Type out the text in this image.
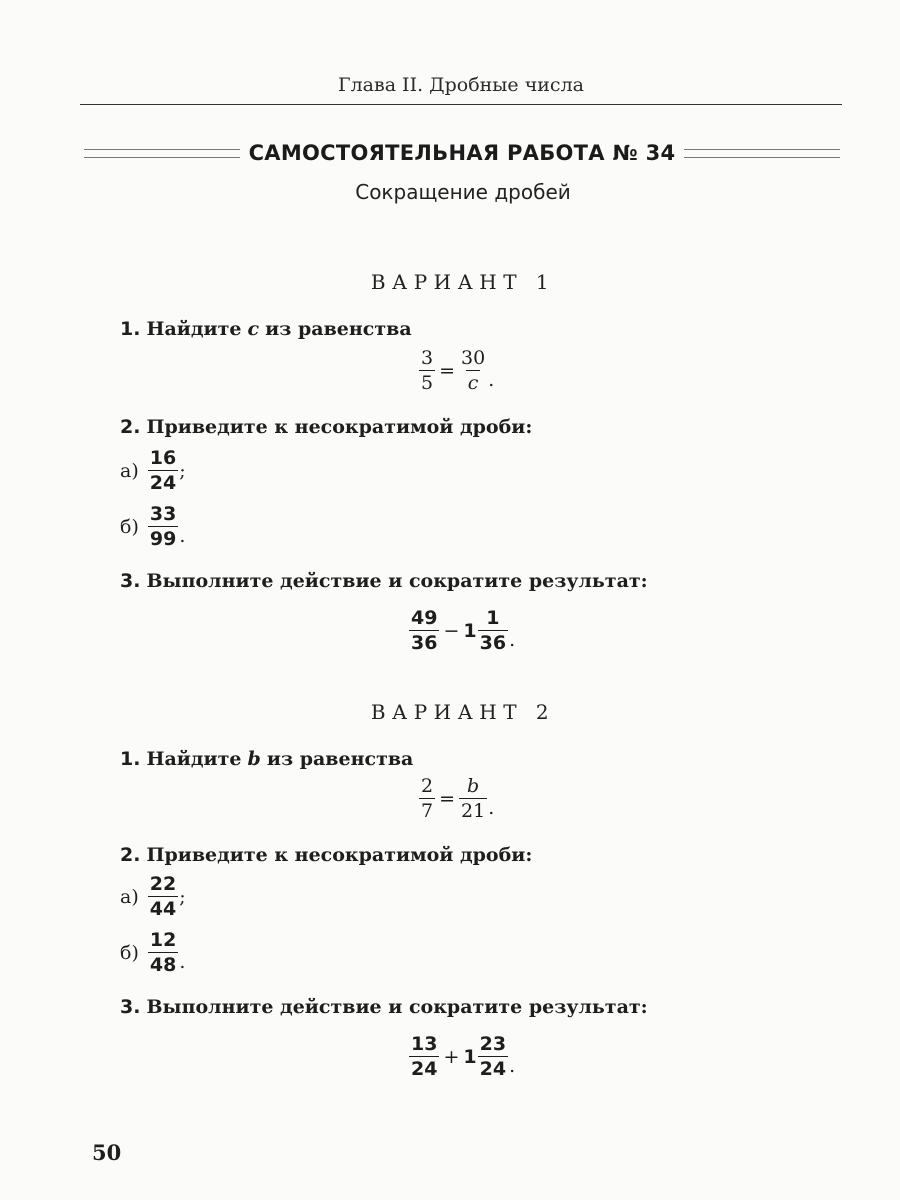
Глава II. Дробные числа
САМОСТОЯТЕЛЬНАЯ РАБОТА № 34
Сокращение дробей
ВАРИАНТ 1
1. Найдите c из равенства
$\frac{3}{5} = \frac{30}{c}$ .
2. Приведите к несократимой дроби:
$а) \frac{16}{24}$ ;
$б) \frac{33}{99}$ .
3. Выполните действие и сократите результат:
$\frac{49}{36} - 1 \frac{1}{36}$ .
ВАРИАНТ 2
1. Найдите b из равенства
$\frac{2}{7} = \frac{b}{21}$ .
2. Приведите к несократимой дроби:
$а) \frac{22}{44}$ ;
$б) \frac{12}{48}$ .
3. Выполните действие и сократите результат:
$\frac{13}{24} + 1 \frac{23}{24}$ .
50
